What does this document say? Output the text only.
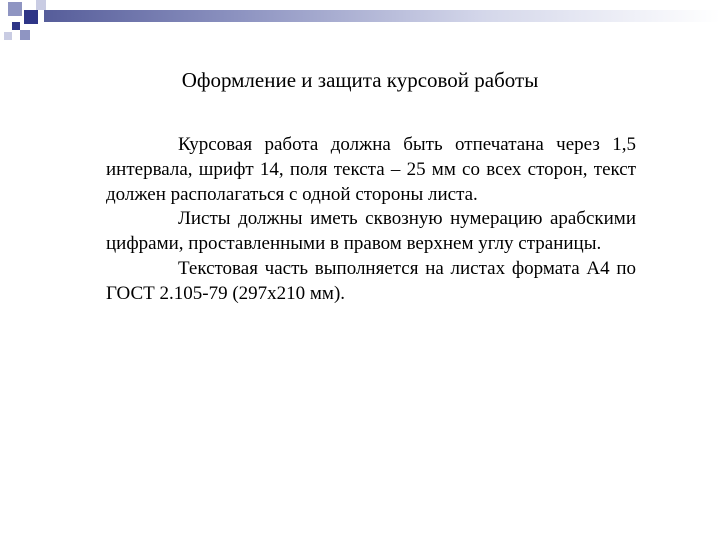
Оформление и защита курсовой работы

Курсовая работа должна быть отпечатана через 1,5 интервала, шрифт 14, поля текста – 25 мм со всех сторон, текст должен располагаться с одной стороны листа.

Листы должны иметь сквозную нумерацию арабскими цифрами, проставленными в правом верхнем углу страницы.

Текстовая часть выполняется на листах формата А4 по ГОСТ 2.105-79 (297х210 мм).
